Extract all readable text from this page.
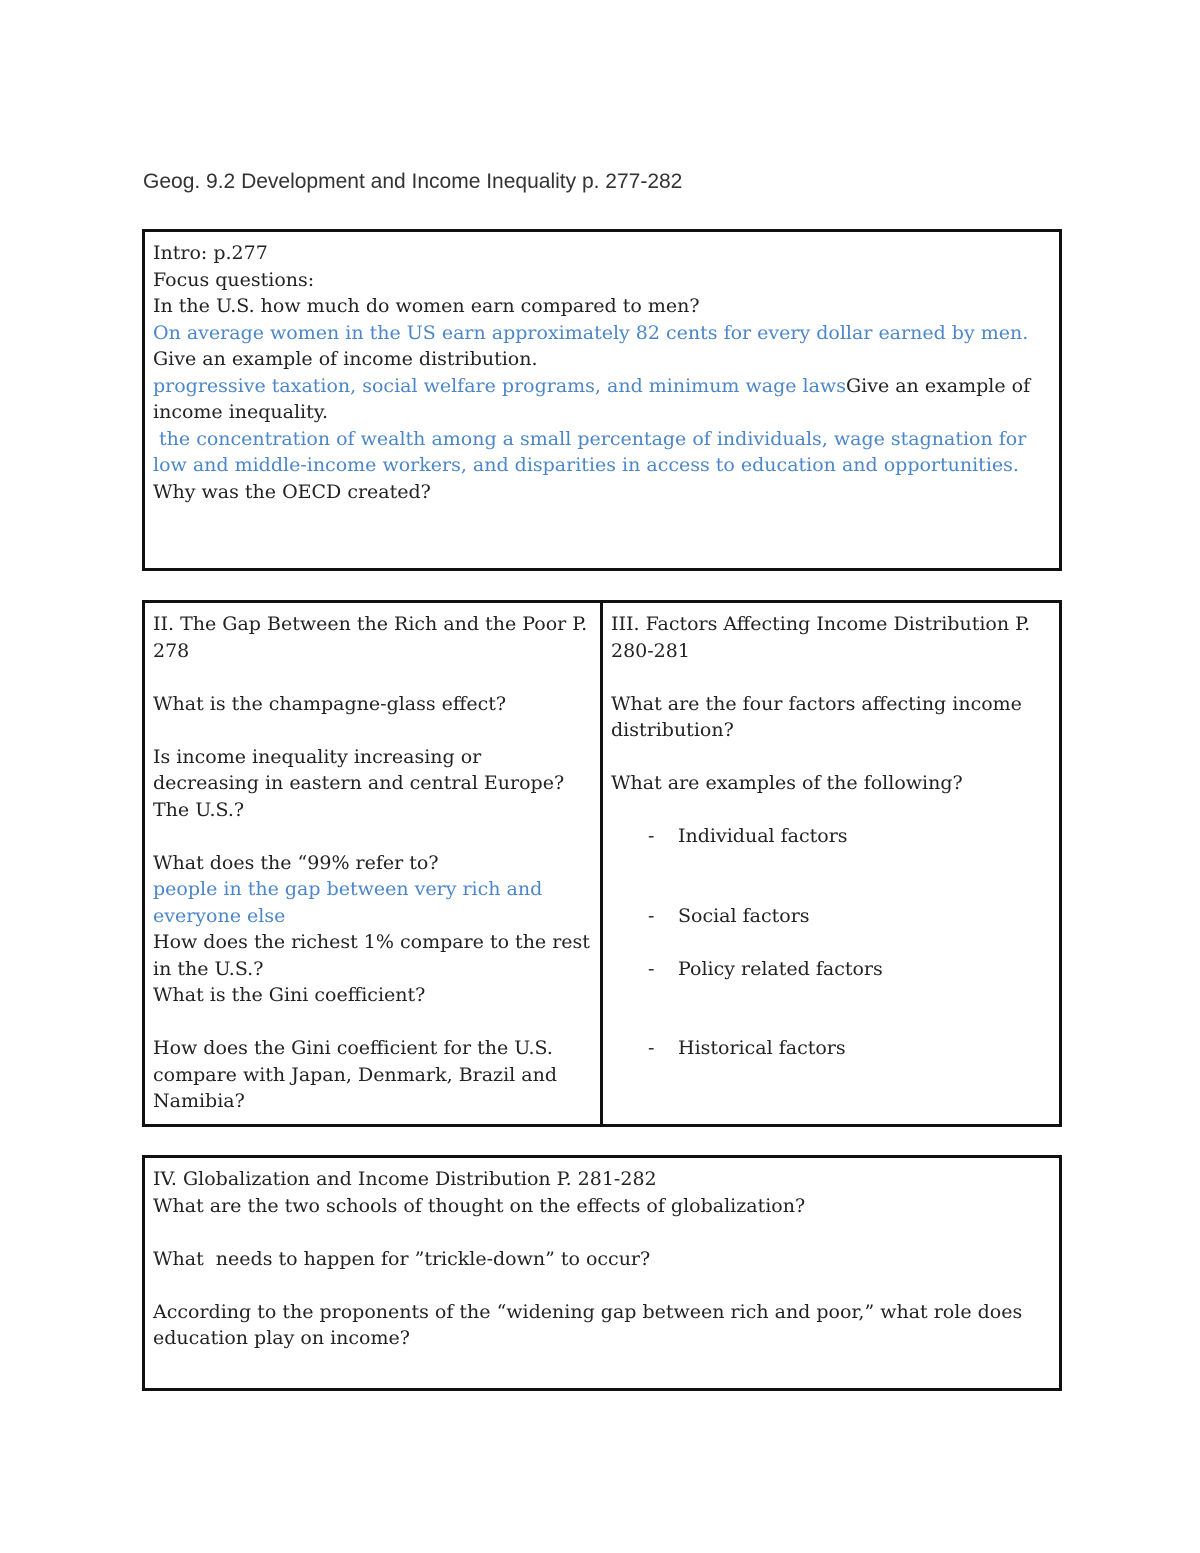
Geog. 9.2 Development and Income Inequality p. 277-282

Intro: p.277

Focus questions:

In the U.S. how much do women earn compared to men?

On average women in the US earn approximately 82 cents for every dollar earned by men.

Give an example of income distribution.

progressive taxation, social welfare programs, and minimum wage lawsGive an example of income inequality.

the concentration of wealth among a small percentage of individuals, wage stagnation for low and middle-income workers, and disparities in access to education and opportunities.

Why was the OECD created?

II. The Gap Between the Rich and the Poor P. 278

What is the champagne-glass effect?

Is income inequality increasing or decreasing in eastern and central Europe? The U.S.?

What does the “99% refer to?

people in the gap between very rich and everyone else

How does the richest 1% compare to the rest in the U.S.?

What is the Gini coefficient?

How does the Gini coefficient for the U.S. compare with Japan, Denmark, Brazil and Namibia?

III. Factors Affecting Income Distribution P. 280-281

What are the four factors affecting income distribution?

What are examples of the following?

-	Individual factors

-	Social factors

-	Policy related factors

-	Historical factors

IV. Globalization and Income Distribution P. 281-282

What are the two schools of thought on the effects of globalization?

What  needs to happen for ”trickle-down” to occur?

According to the proponents of the “widening gap between rich and poor,” what role does education play on income?
